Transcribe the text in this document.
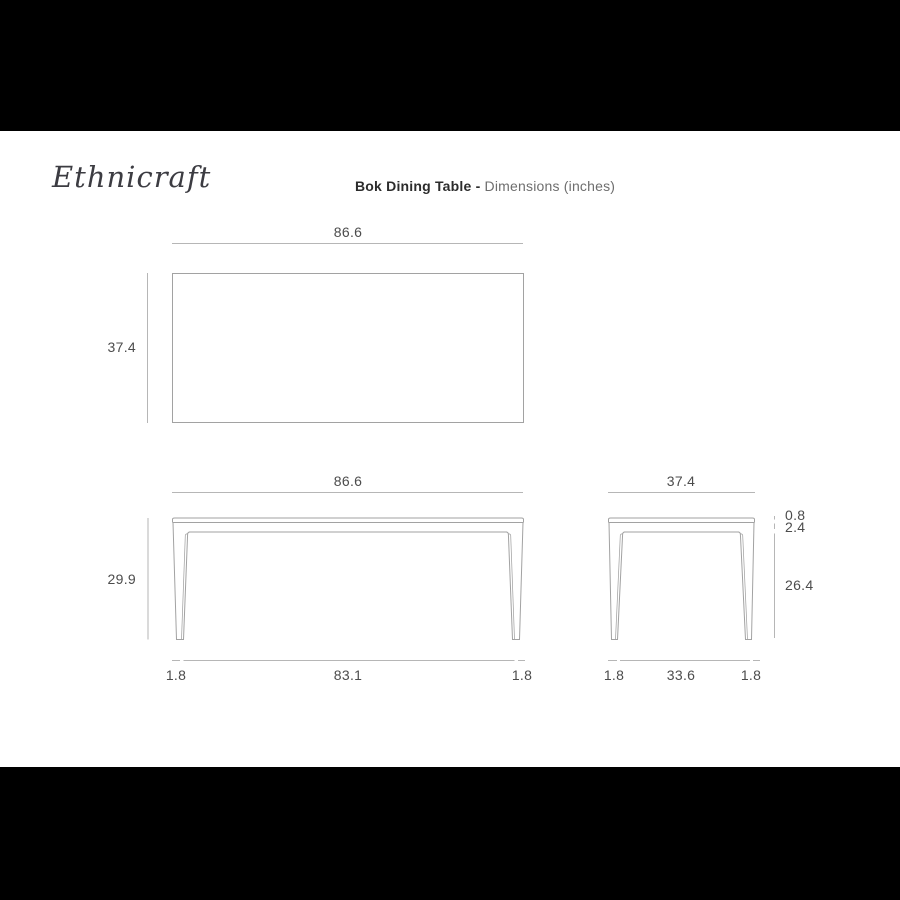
Ethnicraft	Bok Dining Table - Dimensions (inches)
86.6
37.4
86.6
29.9
1.8	83.1	1.8
37.4
0.8
2.4
26.4
1.8	33.6	1.8
